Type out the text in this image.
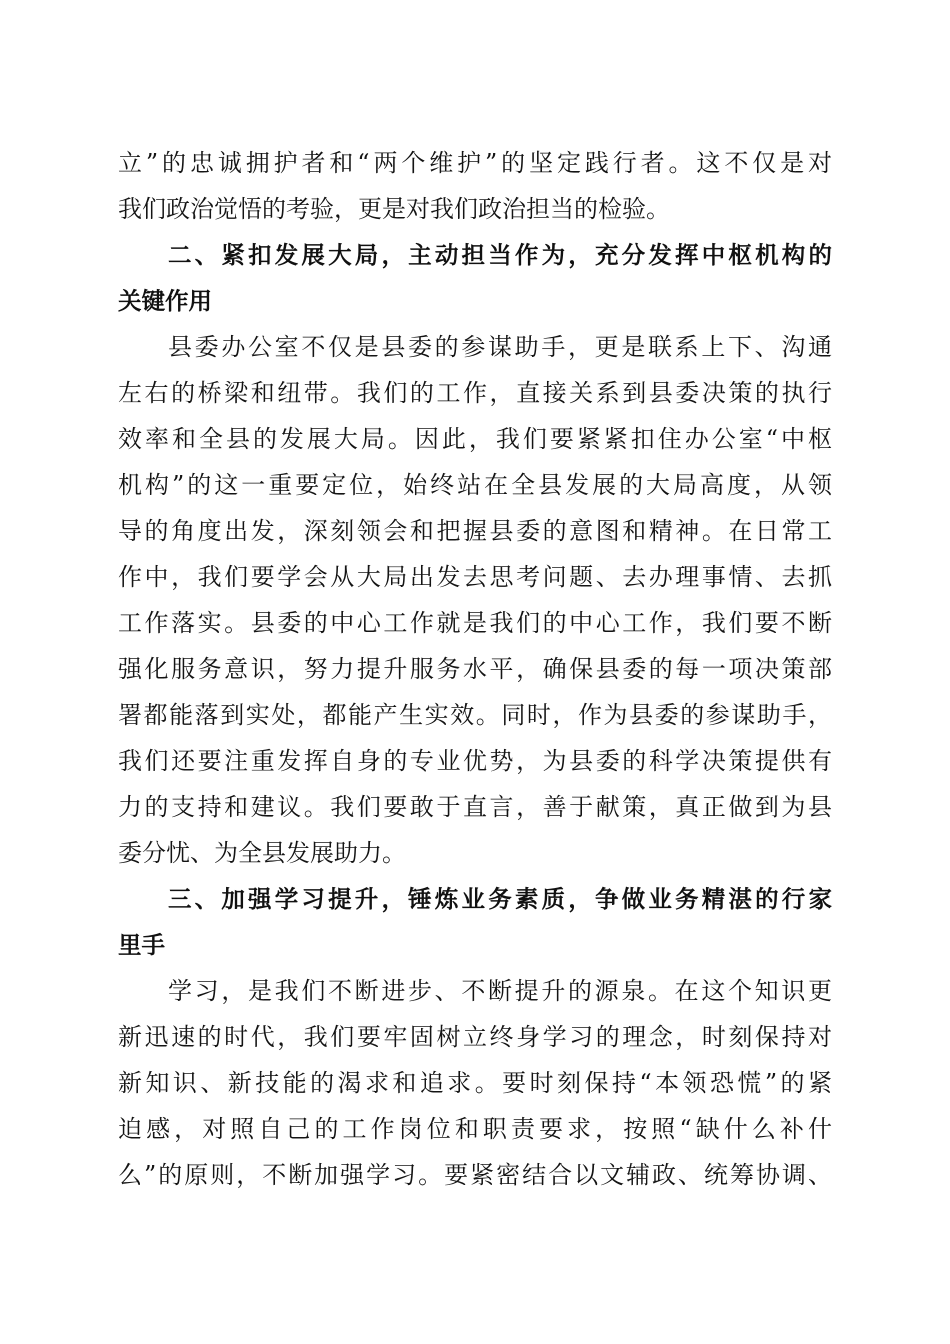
立”的忠诚拥护者和“两个维护”的坚定践行者。这不仅是对
我们政治觉悟的考验，更是对我们政治担当的检验。
二、紧扣发展大局，主动担当作为，充分发挥中枢机构的
关键作用
县委办公室不仅是县委的参谋助手，更是联系上下、沟通
左右的桥梁和纽带。我们的工作，直接关系到县委决策的执行
效率和全县的发展大局。因此，我们要紧紧扣住办公室“中枢
机构”的这一重要定位，始终站在全县发展的大局高度，从领
导的角度出发，深刻领会和把握县委的意图和精神。在日常工
作中，我们要学会从大局出发去思考问题、去办理事情、去抓
工作落实。县委的中心工作就是我们的中心工作，我们要不断
强化服务意识，努力提升服务水平，确保县委的每一项决策部
署都能落到实处，都能产生实效。同时，作为县委的参谋助手，
我们还要注重发挥自身的专业优势，为县委的科学决策提供有
力的支持和建议。我们要敢于直言，善于献策，真正做到为县
委分忧、为全县发展助力。
三、加强学习提升，锤炼业务素质，争做业务精湛的行家
里手
学习，是我们不断进步、不断提升的源泉。在这个知识更
新迅速的时代，我们要牢固树立终身学习的理念，时刻保持对
新知识、新技能的渴求和追求。要时刻保持“本领恐慌”的紧
迫感，对照自己的工作岗位和职责要求，按照“缺什么补什
么”的原则，不断加强学习。要紧密结合以文辅政、统筹协调、
